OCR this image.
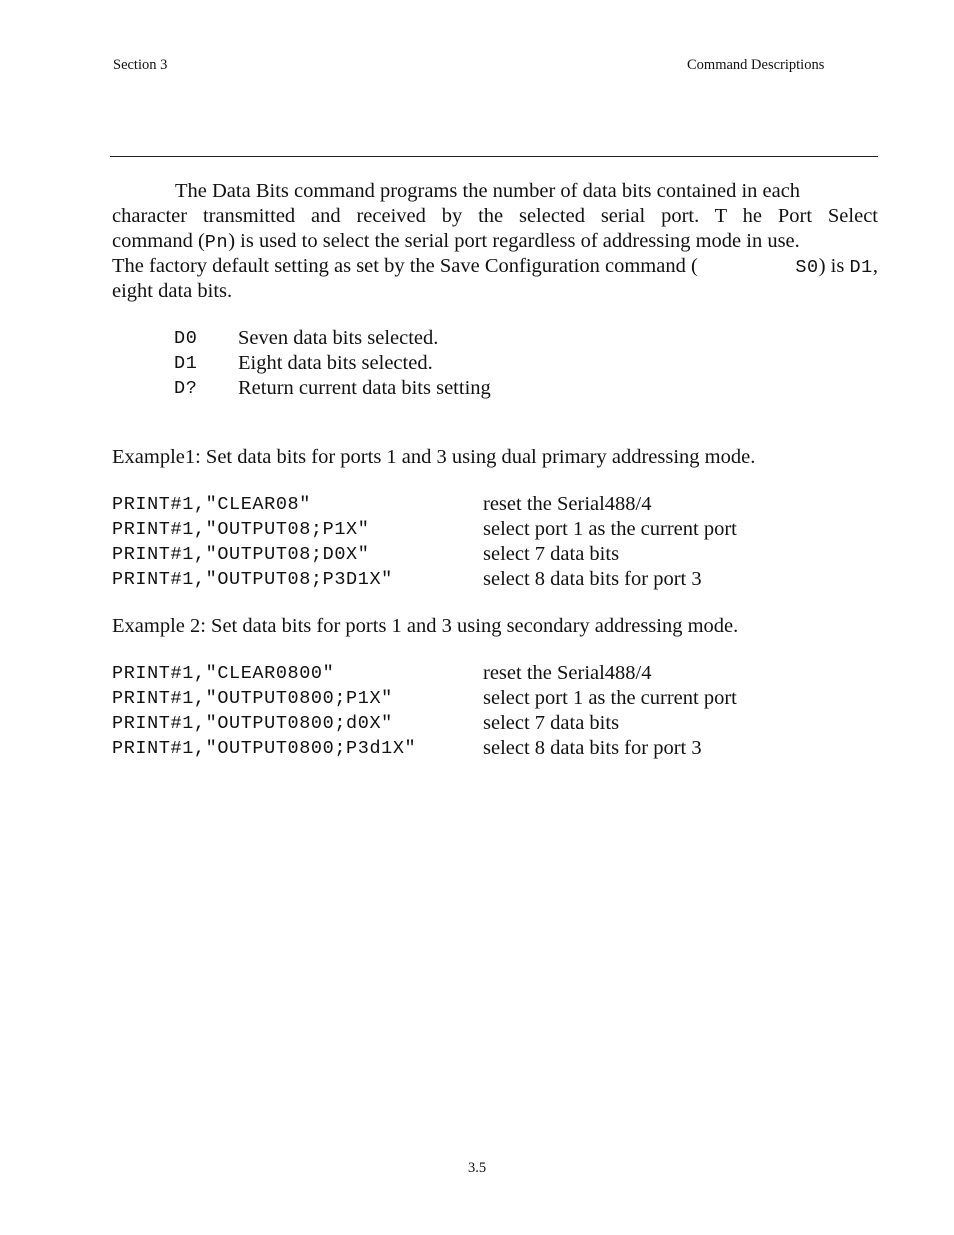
Section 3	Command Descriptions
The Data Bits command programs the number of data bits contained in each
character transmitted and received by the selected serial port. T he Port Select
command (Pn) is used to select the serial port regardless of addressing mode in use.
The factory default setting as set by the Save Configuration command (	S0) is D1,
eight data bits.
D0	Seven data bits selected.
D1	Eight data bits selected.
D?	Return current data bits setting
Example1: Set data bits for ports 1 and 3 using dual primary addressing mode.
PRINT#1,"CLEAR08"	reset the Serial488/4
PRINT#1,"OUTPUT08;P1X"	select port 1 as the current port
PRINT#1,"OUTPUT08;D0X"	select 7 data bits
PRINT#1,"OUTPUT08;P3D1X"	select 8 data bits for port 3
Example 2: Set data bits for ports 1 and 3 using secondary addressing mode.
PRINT#1,"CLEAR0800"	reset the Serial488/4
PRINT#1,"OUTPUT0800;P1X"	select port 1 as the current port
PRINT#1,"OUTPUT0800;d0X"	select 7 data bits
PRINT#1,"OUTPUT0800;P3d1X"	select 8 data bits for port 3
3.5
